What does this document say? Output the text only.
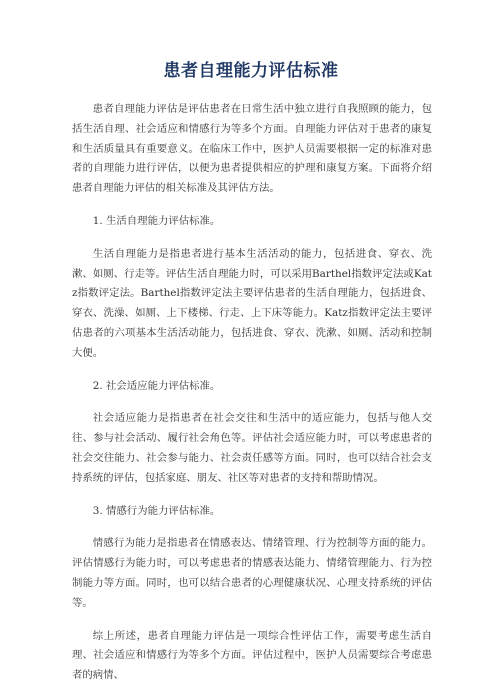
患者自理能力评估标准

患者自理能力评估是评估患者在日常生活中独立进行自我照顾的能力，包括生活自理、社会适应和情感行为等多个方面。自理能力评估对于患者的康复和生活质量具有重要意义。在临床工作中，医护人员需要根据一定的标准对患者的自理能力进行评估，以便为患者提供相应的护理和康复方案。下面将介绍患者自理能力评估的相关标准及其评估方法。

1. 生活自理能力评估标准。

生活自理能力是指患者进行基本生活活动的能力，包括进食、穿衣、洗漱、如厕、行走等。评估生活自理能力时，可以采用Barthel指数评定法或Katz指数评定法。Barthel指数评定法主要评估患者的生活自理能力，包括进食、穿衣、洗澡、如厕、上下楼梯、行走、上下床等能力。Katz指数评定法主要评估患者的六项基本生活活动能力，包括进食、穿衣、洗漱、如厕、活动和控制大便。

2. 社会适应能力评估标准。

社会适应能力是指患者在社会交往和生活中的适应能力，包括与他人交往、参与社会活动、履行社会角色等。评估社会适应能力时，可以考虑患者的社会交往能力、社会参与能力、社会责任感等方面。同时，也可以结合社会支持系统的评估，包括家庭、朋友、社区等对患者的支持和帮助情况。

3. 情感行为能力评估标准。

情感行为能力是指患者在情感表达、情绪管理、行为控制等方面的能力。评估情感行为能力时，可以考虑患者的情感表达能力、情绪管理能力、行为控制能力等方面。同时，也可以结合患者的心理健康状况、心理支持系统的评估等。

综上所述，患者自理能力评估是一项综合性评估工作，需要考虑生活自理、社会适应和情感行为等多个方面。评估过程中，医护人员需要综合考虑患者的病情、
